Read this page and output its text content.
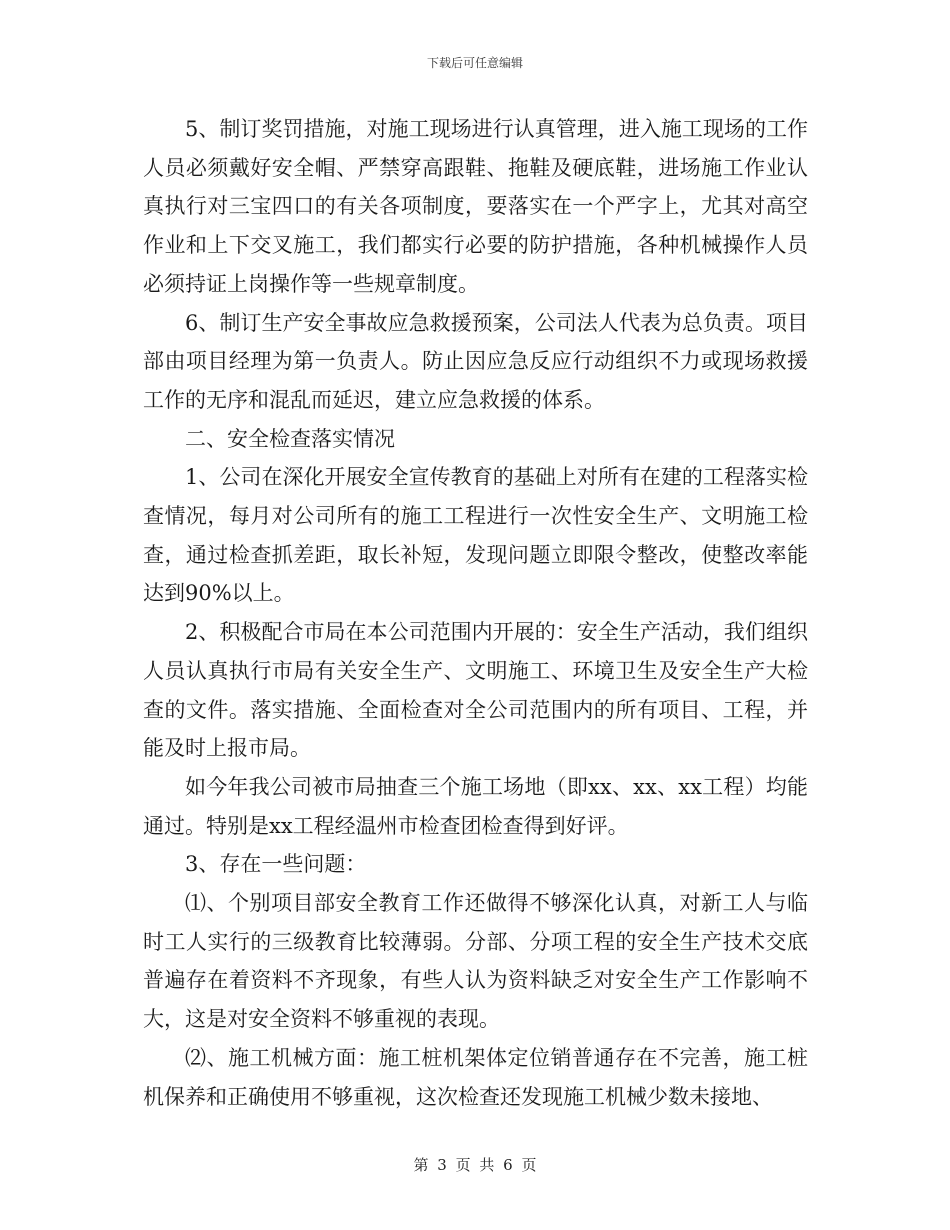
下载后可任意编辑

5、制订奖罚措施，对施工现场进行认真管理，进入施工现场的工作人员必须戴好安全帽、严禁穿高跟鞋、拖鞋及硬底鞋，进场施工作业认真执行对三宝四口的有关各项制度，要落实在一个严字上，尤其对高空作业和上下交叉施工，我们都实行必要的防护措施，各种机械操作人员必须持证上岗操作等一些规章制度。

6、制订生产安全事故应急救援预案，公司法人代表为总负责。项目部由项目经理为第一负责人。防止因应急反应行动组织不力或现场救援工作的无序和混乱而延迟，建立应急救援的体系。

二、安全检查落实情况

1、公司在深化开展安全宣传教育的基础上对所有在建的工程落实检查情况，每月对公司所有的施工工程进行一次性安全生产、文明施工检查，通过检查抓差距，取长补短，发现问题立即限令整改，使整改率能达到90%以上。

2、积极配合市局在本公司范围内开展的：安全生产活动，我们组织人员认真执行市局有关安全生产、文明施工、环境卫生及安全生产大检查的文件。落实措施、全面检查对全公司范围内的所有项目、工程，并能及时上报市局。

如今年我公司被市局抽查三个施工场地（即xx、xx、xx工程）均能通过。特别是xx工程经温州市检查团检查得到好评。

3、存在一些问题：

⑴、个别项目部安全教育工作还做得不够深化认真，对新工人与临时工人实行的三级教育比较薄弱。分部、分项工程的安全生产技术交底普遍存在着资料不齐现象，有些人认为资料缺乏对安全生产工作影响不大，这是对安全资料不够重视的表现。

⑵、施工机械方面：施工桩机架体定位销普通存在不完善，施工桩机保养和正确使用不够重视，这次检查还发现施工机械少数未接地、

第 3 页 共 6 页
